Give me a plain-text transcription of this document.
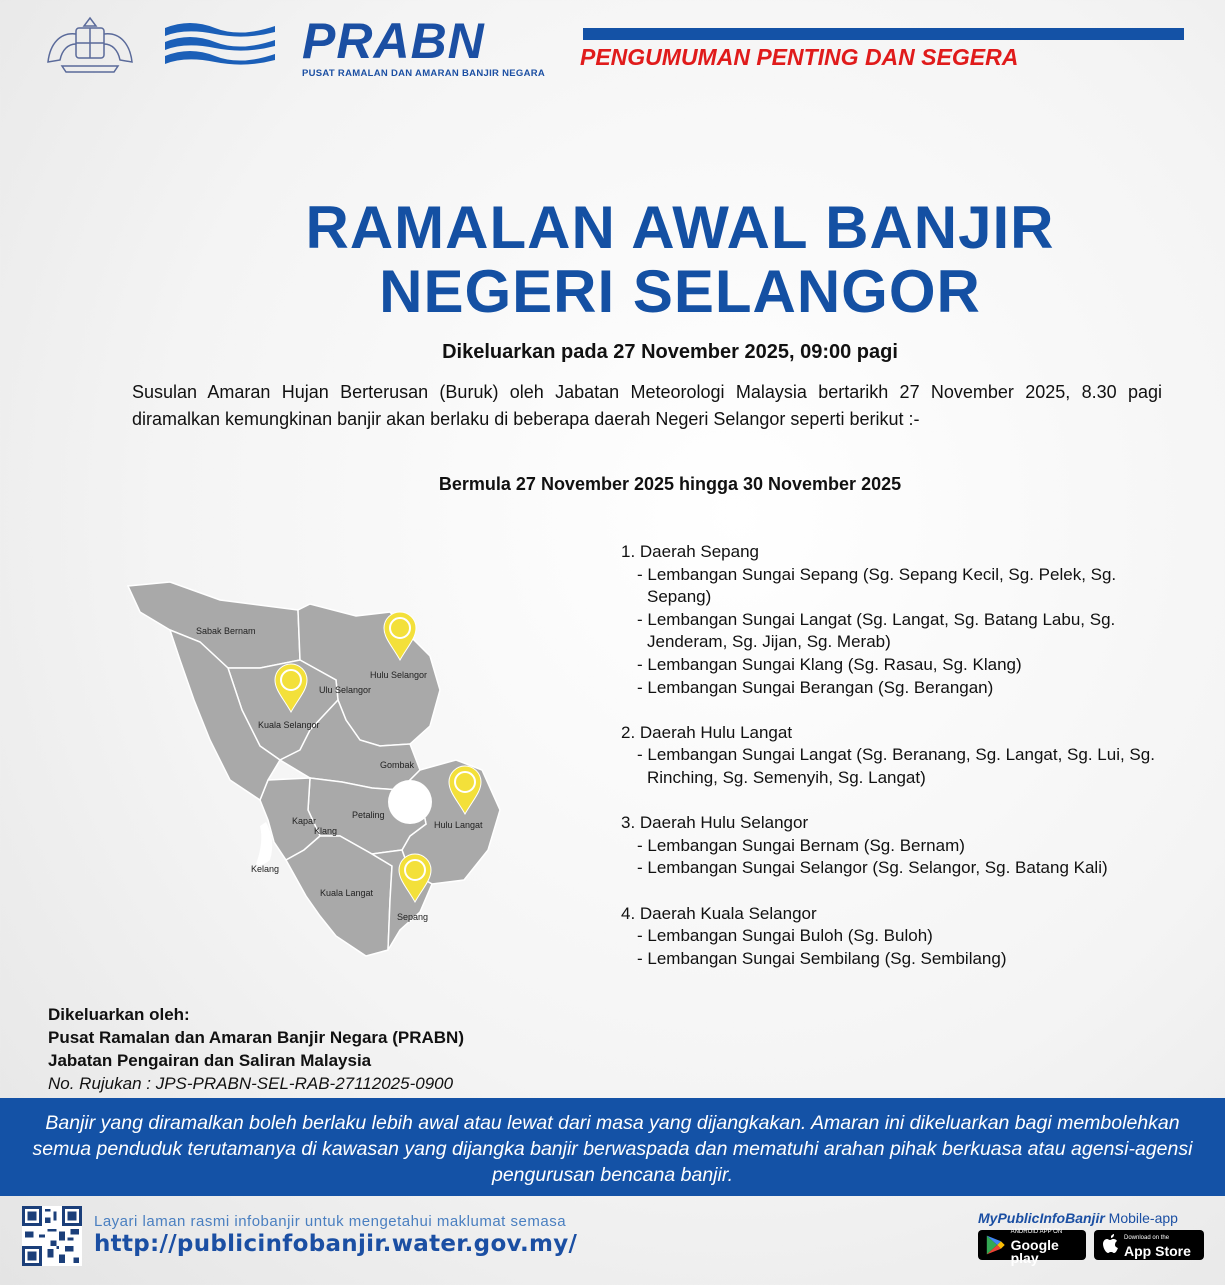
PRABN
PUSAT RAMALAN DAN AMARAN BANJIR NEGARA
PENGUMUMAN PENTING DAN SEGERA
RAMALAN AWAL BANJIR
NEGERI SELANGOR
Dikeluarkan pada 27 November 2025, 09:00 pagi
Susulan Amaran Hujan Berterusan (Buruk) oleh Jabatan Meteorologi Malaysia bertarikh 27 November 2025, 8.30 pagi diramalkan kemungkinan banjir akan berlaku di beberapa daerah Negeri Selangor seperti berikut :-
Bermula 27 November 2025 hingga 30 November 2025
Sabak Bernam
Hulu Selangor
Ulu Selangor
Kuala Selangor
Gombak
Petaling
Kapar
Klang
Hulu Langat
Kelang
Kuala Langat
Sepang
1. Daerah Sepang
- Lembangan Sungai Sepang (Sg. Sepang Kecil, Sg. Pelek, Sg. Sepang)
- Lembangan Sungai Langat (Sg. Langat, Sg. Batang Labu, Sg. Jenderam, Sg. Jijan, Sg. Merab)
- Lembangan Sungai Klang (Sg. Rasau, Sg. Klang)
- Lembangan Sungai Berangan (Sg. Berangan)
2. Daerah Hulu Langat
- Lembangan Sungai Langat (Sg. Beranang, Sg. Langat, Sg. Lui, Sg. Rinching, Sg. Semenyih, Sg. Langat)
3. Daerah Hulu Selangor
- Lembangan Sungai Bernam (Sg. Bernam)
- Lembangan Sungai Selangor (Sg. Selangor, Sg. Batang Kali)
4. Daerah Kuala Selangor
- Lembangan Sungai Buloh (Sg. Buloh)
- Lembangan Sungai Sembilang (Sg. Sembilang)
Dikeluarkan oleh:
Pusat Ramalan dan Amaran Banjir Negara (PRABN)
Jabatan Pengairan dan Saliran Malaysia
No. Rujukan : JPS-PRABN-SEL-RAB-27112025-0900
Banjir yang diramalkan boleh berlaku lebih awal atau lewat dari masa yang dijangkakan. Amaran ini dikeluarkan bagi membolehkan semua penduduk terutamanya di kawasan yang dijangka banjir berwaspada dan mematuhi arahan pihak berkuasa atau agensi-agensi pengurusan bencana banjir.
Layari laman rasmi infobanjir untuk mengetahui maklumat semasa
http://publicinfobanjir.water.gov.my/
MyPublicInfoBanjir Mobile-app
ANDROID APP ON
Google play
Download on the
App Store
